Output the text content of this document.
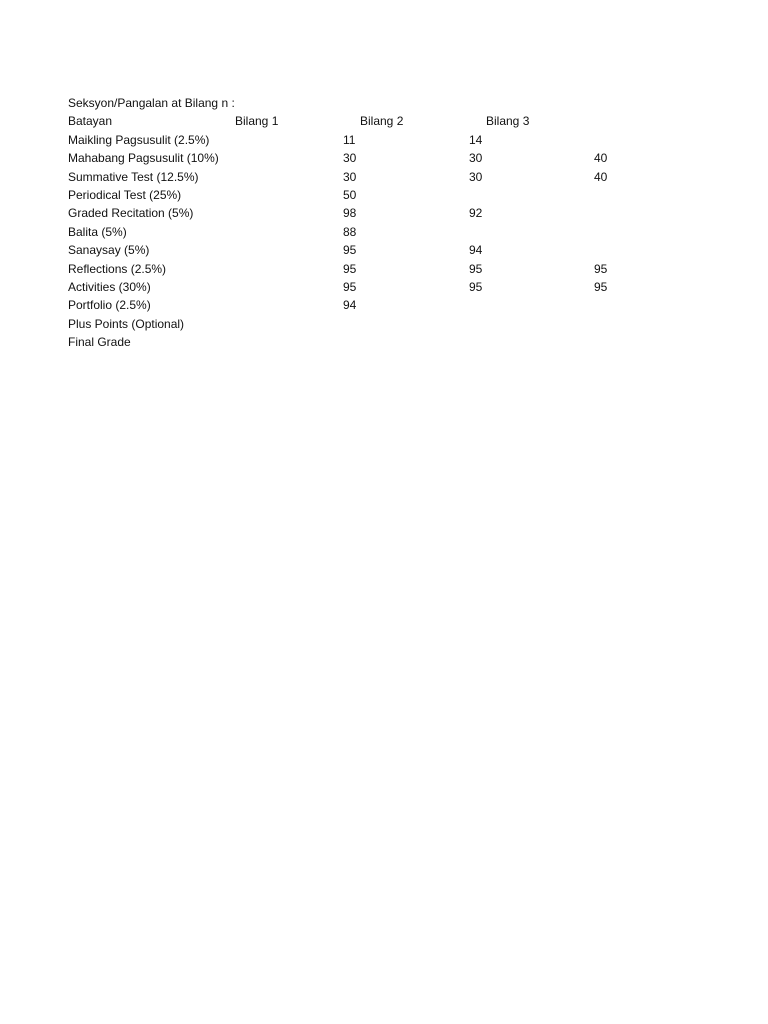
Seksyon/Pangalan at Bilang n :
Batayan	Bilang 1	Bilang 2	Bilang 3
Maikling Pagsusulit (2.5%)	11	14
Mahabang Pagsusulit (10%)	30	30	40
Summative Test (12.5%)	30	30	40
Periodical Test (25%)	50
Graded Recitation (5%)	98	92
Balita (5%)	88
Sanaysay (5%)	95	94
Reflections (2.5%)	95	95	95
Activities (30%)	95	95	95
Portfolio (2.5%)	94
Plus Points (Optional)
Final Grade
